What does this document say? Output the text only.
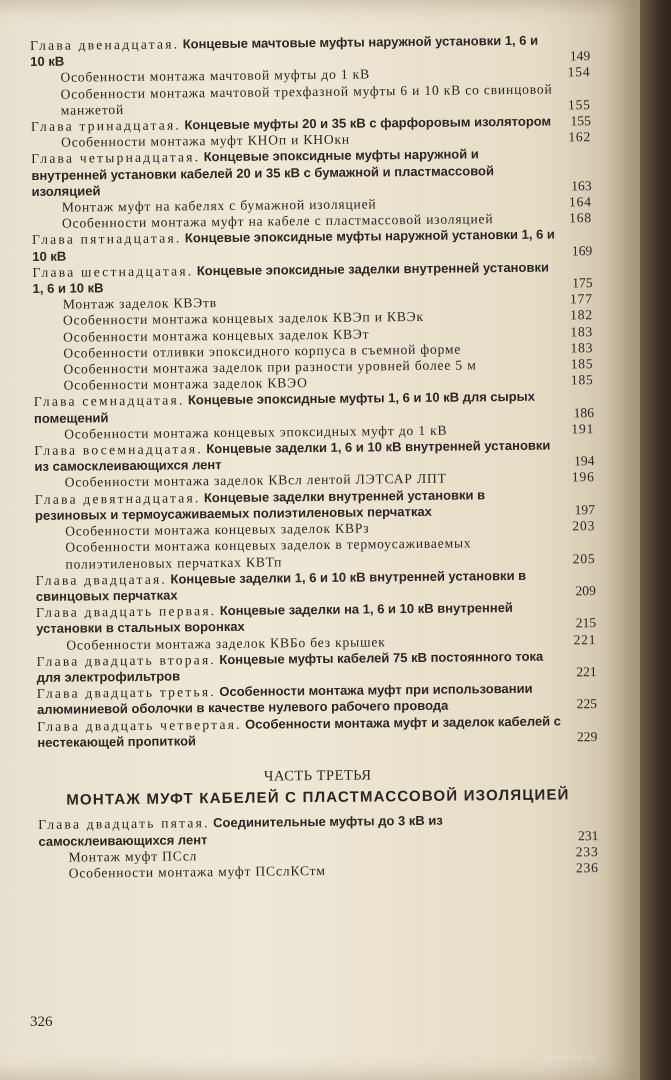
Глава двенадцатая. Концевые мачтовые муфты наружной установки 1, 6 и 10 кВ	149
Особенности монтажа мачтовой муфты до 1 кВ	154
Особенности монтажа мачтовой трехфазной муфты 6 и 10 кВ со свинцовой манжетой	155
Глава тринадцатая. Концевые муфты 20 и 35 кВ с фарфоровым изолятором	155
Особенности монтажа муфт КНОп и КНОкн	162
Глава четырнадцатая. Концевые эпоксидные муфты наружной и внутренней установки кабелей 20 и 35 кВ с бумажной и пластмассовой изоляцией	163
Монтаж муфт на кабелях с бумажной изоляцией	164
Особенности монтажа муфт на кабеле с пластмассовой изоляцией	168
Глава пятнадцатая. Концевые эпоксидные муфты наружной установки 1, 6 и 10 кВ	169
Глава шестнадцатая. Концевые эпоксидные заделки внутренней установки 1, 6 и 10 кВ	175
Монтаж заделок КВЭтв	177
Особенности монтажа концевых заделок КВЭп и КВЭк	182
Особенности монтажа концевых заделок КВЭт	183
Особенности отливки эпоксидного корпуса в съемной форме	183
Особенности монтажа заделок при разности уровней более 5 м	185
Особенности монтажа заделок КВЭО	185
Глава семнадцатая. Концевые эпоксидные муфты 1, 6 и 10 кВ для сырых помещений	186
Особенности монтажа концевых эпоксидных муфт до 1 кВ	191
Глава восемнадцатая. Концевые заделки 1, 6 и 10 кВ внутренней установки из самосклеивающихся лент	194
Особенности монтажа заделок КВсл лентой ЛЭТСАР ЛПТ	196
Глава девятнадцатая. Концевые заделки внутренней установки в резиновых и термоусаживаемых полиэтиленовых перчатках	197
Особенности монтажа концевых заделок КВРз	203
Особенности монтажа концевых заделок в термоусаживаемых полиэтиленовых перчатках КВТп	205
Глава двадцатая. Концевые заделки 1, 6 и 10 кВ внутренней установки в свинцовых перчатках	209
Глава двадцать первая. Концевые заделки на 1, 6 и 10 кВ внутренней установки в стальных воронках	215
Особенности монтажа заделок КВБо без крышек	221
Глава двадцать вторая. Концевые муфты кабелей 75 кВ постоянного тока для электрофильтров	221
Глава двадцать третья. Особенности монтажа муфт при использовании алюминиевой оболочки в качестве нулевого рабочего провода	225
Глава двадцать четвертая. Особенности монтажа муфт и заделок кабелей с нестекающей пропиткой	229
ЧАСТЬ ТРЕТЬЯ
МОНТАЖ МУФТ КАБЕЛЕЙ С ПЛАСТМАССОВОЙ ИЗОЛЯЦИЕЙ
Глава двадцать пятая. Соединительные муфты до 3 кВ из самосклеивающихся лент	231
Монтаж муфт ПСсл	233
Особенности монтажа муфт ПСслКСтм	236
326
www.ay.by
